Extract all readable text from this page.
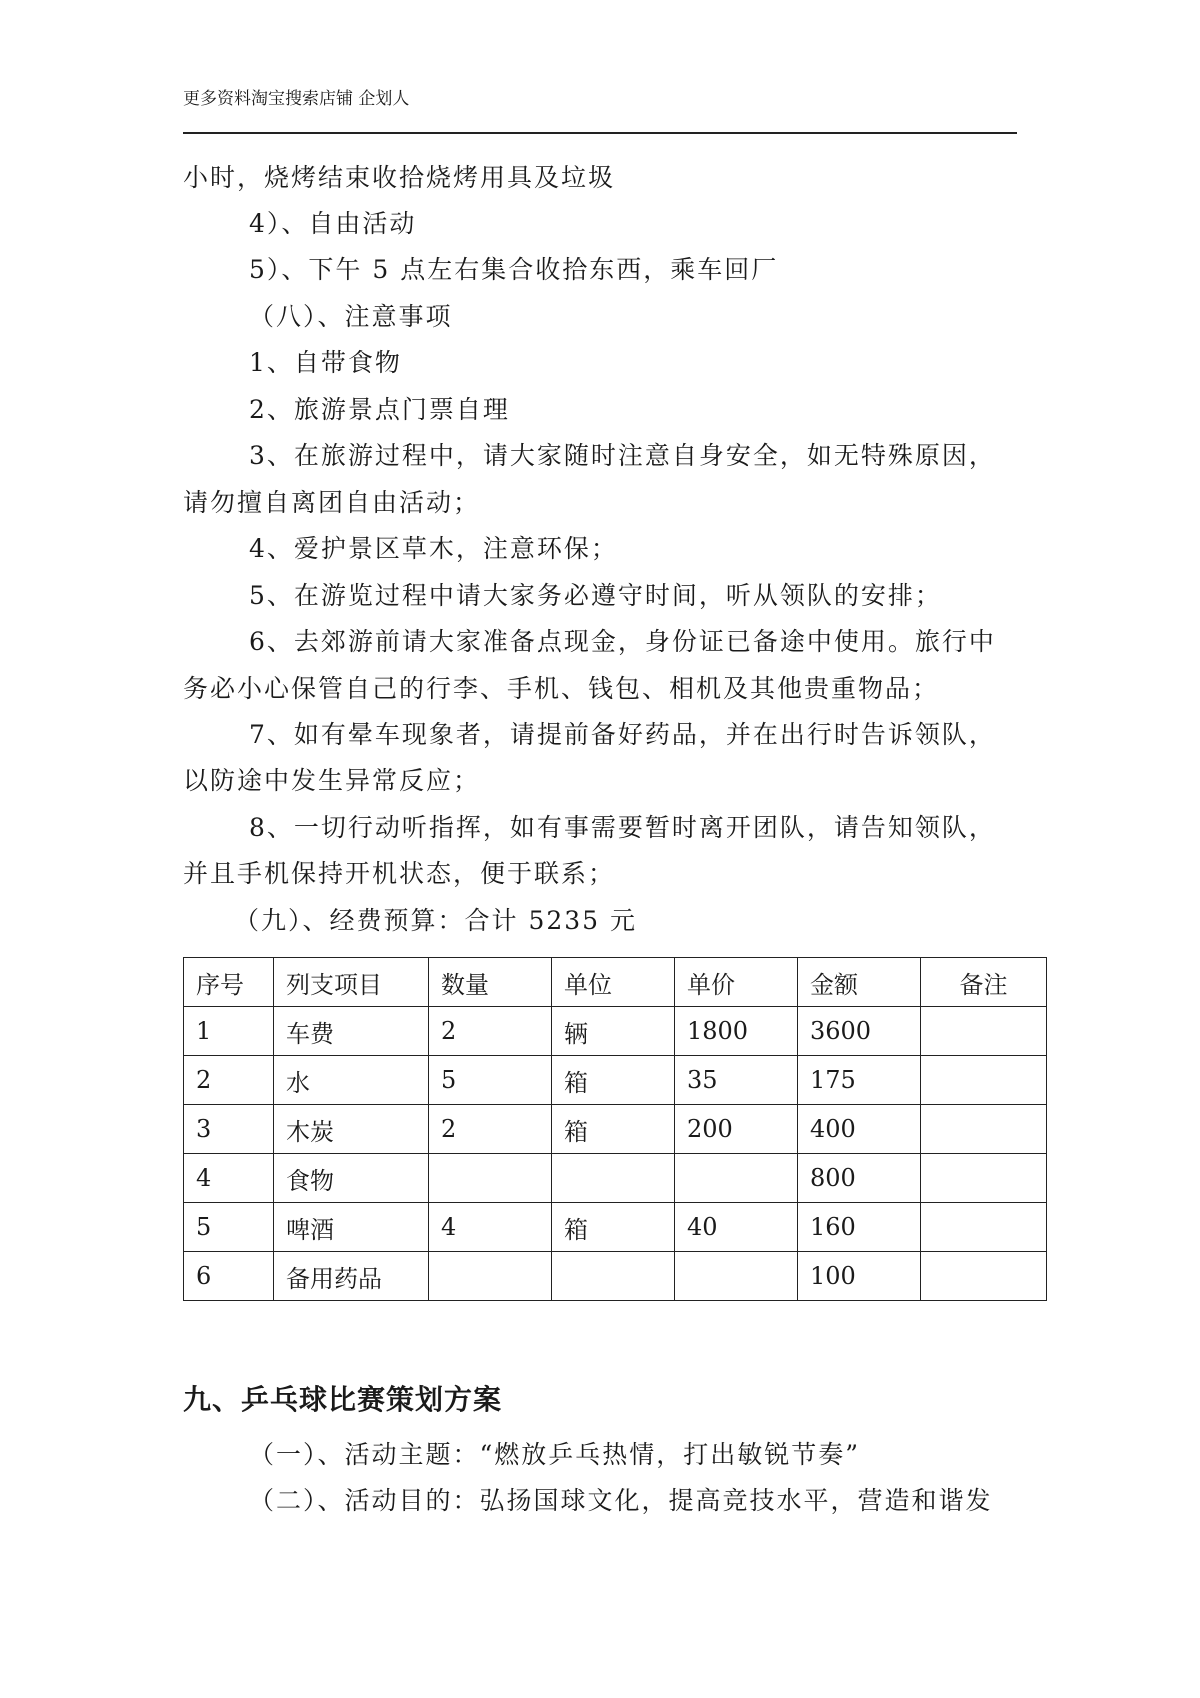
更多资料淘宝搜索店铺 企划人
小时，烧烤结束收拾烧烤用具及垃圾
4）、自由活动
5）、下午 5 点左右集合收拾东西，乘车回厂
（八）、注意事项
1、自带食物
2、旅游景点门票自理
3、在旅游过程中，请大家随时注意自身安全，如无特殊原因，
请勿擅自离团自由活动；
4、爱护景区草木，注意环保；
5、在游览过程中请大家务必遵守时间，听从领队的安排；
6、去郊游前请大家准备点现金，身份证已备途中使用。旅行中
务必小心保管自己的行李、手机、钱包、相机及其他贵重物品；
7、如有晕车现象者，请提前备好药品，并在出行时告诉领队，
以防途中发生异常反应；
8、一切行动听指挥，如有事需要暂时离开团队，请告知领队，
并且手机保持开机状态，便于联系；
（九）、经费预算：合计 5235 元
序号	列支项目	数量	单位	单价	金额	备注
1	车费	2	辆	1800	3600	
2	水	5	箱	35	175	
3	木炭	2	箱	200	400	
4	食物				800	
5	啤酒	4	箱	40	160	
6	备用药品				100	
九、乒乓球比赛策划方案
（一）、活动主题：“燃放乒乓热情，打出敏锐节奏”
（二）、活动目的：弘扬国球文化，提高竞技水平，营造和谐发
